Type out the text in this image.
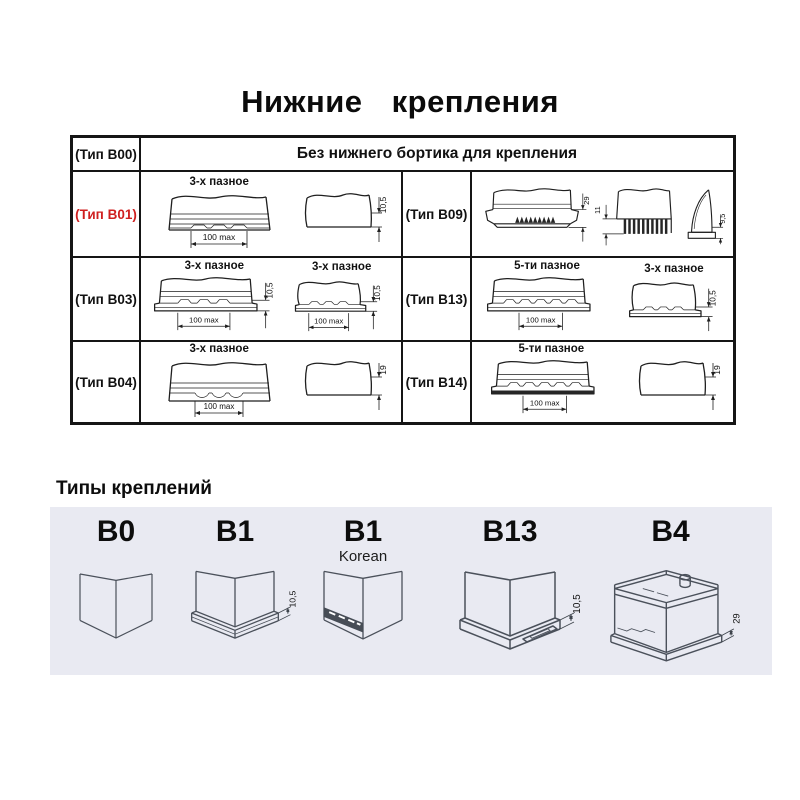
Нижние крепления
(Тип B00)	Без нижнего бортика для крепления
(Тип B01)
3-х пазное
100 max
10,5
(Тип B09)
29
11
9,5
(Тип B03)
3-х пазное
10,5
100 max
3-х пазное
10,5
100 max
(Тип B13)
5-ти пазное
100 max
3-х пазное
10,5
(Тип B04)
3-х пазное
100 max
19
(Тип B14)
5-ти пазное
100 max
19
Типы креплений
B0	B1
10,5
B1
Korean
B13
10,5
B4
29
